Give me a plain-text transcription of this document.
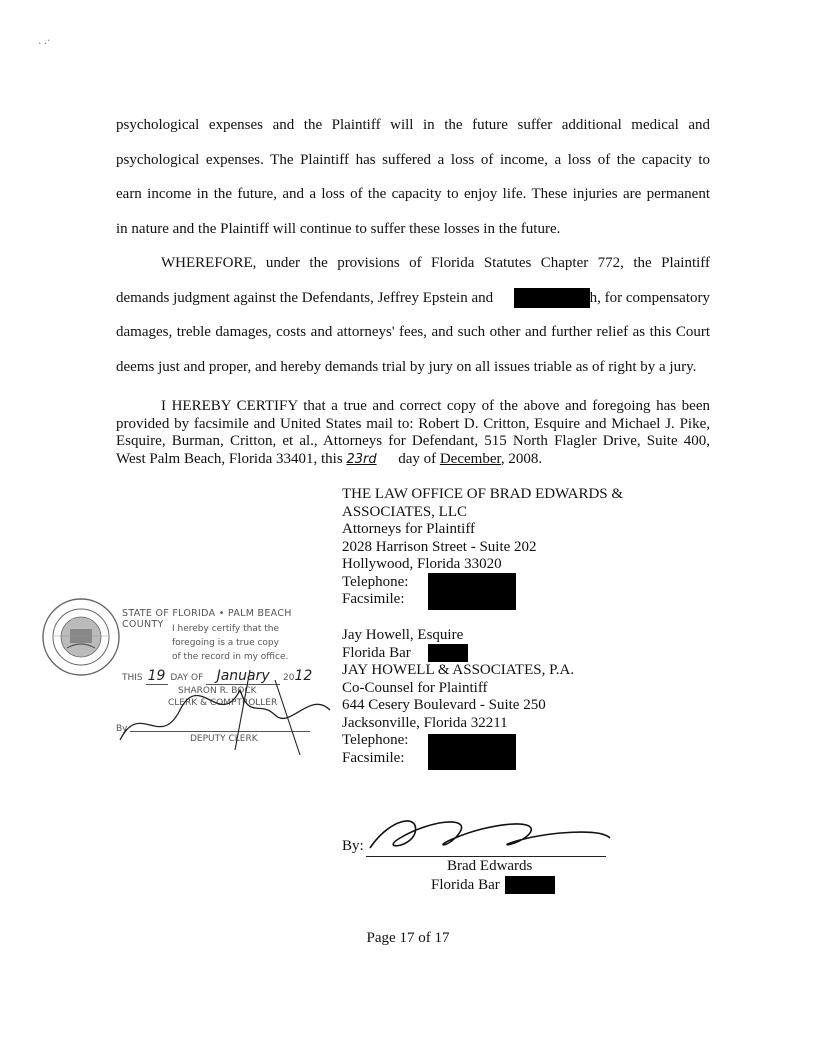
․ ․‧
psychological expenses and the Plaintiff will in the future suffer additional medical and
psychological expenses. The Plaintiff has suffered a loss of income, a loss of the capacity to
earn income in the future, and a loss of the capacity to enjoy life. These injuries are permanent
in nature and the Plaintiff will continue to suffer these losses in the future.
WHEREFORE, under the provisions of Florida Statutes Chapter 772, the Plaintiff
demands judgment against the Defendants, Jeffrey Epstein and	h, for compensatory
damages, treble damages, costs and attorneys' fees, and such other and further relief as this Court
deems just and proper, and hereby demands trial by jury on all issues triable as of right by a jury.
I HEREBY CERTIFY that a true and correct copy of the above and foregoing has been
provided by facsimile and United States mail to: Robert D. Critton, Esquire and Michael J. Pike,
Esquire, Burman, Critton, et al., Attorneys for Defendant, 515 North Flagler Drive, Suite 400,
West Palm Beach, Florida 33401, this 23rd day of December, 2008.
THE LAW OFFICE OF BRAD EDWARDS &
ASSOCIATES, LLC
Attorneys for Plaintiff
2028 Harrison Street - Suite 202
Hollywood, Florida 33020
Telephone:
Facsimile:
Jay Howell, Esquire
Florida Bar
JAY HOWELL & ASSOCIATES, P.A.
Co-Counsel for Plaintiff
644 Cesery Boulevard - Suite 250
Jacksonville, Florida 32211
Telephone:
Facsimile:
STATE OF FLORIDA • PALM BEACH COUNTY I hereby certify that the
foregoing is a true copy
of the record in my office.
THIS 19 DAY OF January 2012
SHARON R. BOCK
CLERK & COMPTROLLER
By
DEPUTY CLERK
By:
Brad Edwards
Florida Bar
Page 17 of 17
